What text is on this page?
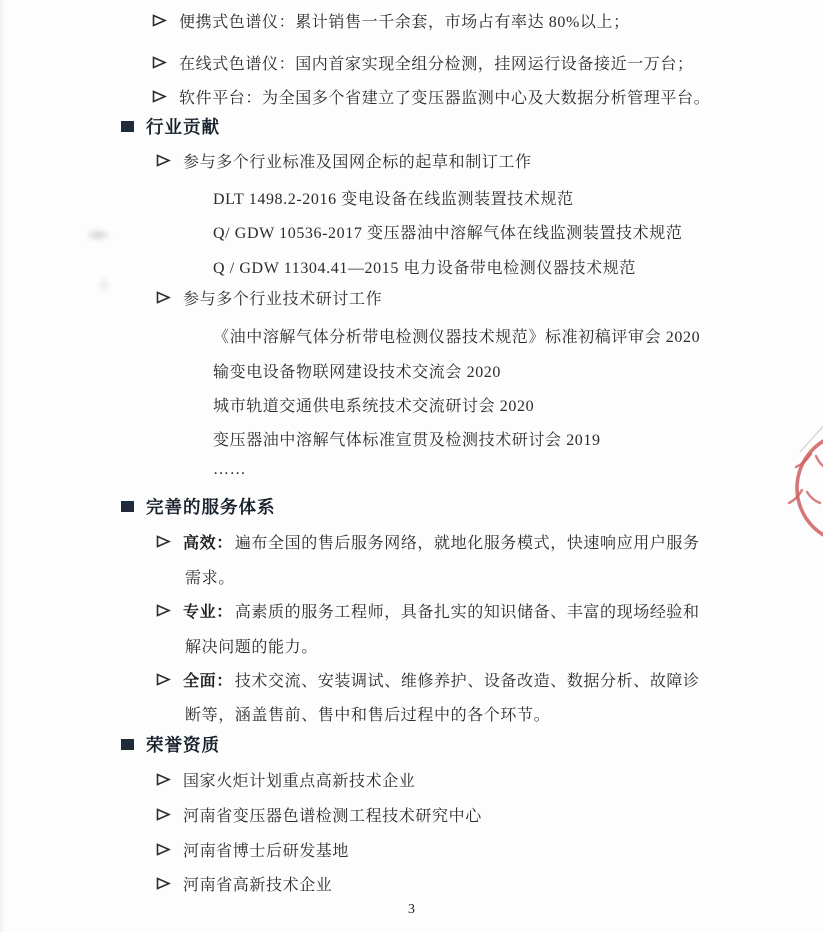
便携式色谱仪：累计销售一千余套，市场占有率达 80%以上；
在线式色谱仪：国内首家实现全组分检测，挂网运行设备接近一万台；
软件平台：为全国多个省建立了变压器监测中心及大数据分析管理平台。
行业贡献
参与多个行业标准及国网企标的起草和制订工作
DLT 1498.2-2016 变电设备在线监测装置技术规范
Q/ GDW 10536-2017 变压器油中溶解气体在线监测装置技术规范
Q / GDW 11304.41—2015 电力设备带电检测仪器技术规范
参与多个行业技术研讨工作
《油中溶解气体分析带电检测仪器技术规范》标准初稿评审会 2020
输变电设备物联网建设技术交流会 2020
城市轨道交通供电系统技术交流研讨会 2020
变压器油中溶解气体标准宣贯及检测技术研讨会 2019
……
完善的服务体系
高效： 遍布全国的售后服务网络，就地化服务模式，快速响应用户服务
需求。
专业： 高素质的服务工程师，具备扎实的知识储备、丰富的现场经验和
解决问题的能力。
全面： 技术交流、安装调试、维修养护、设备改造、数据分析、故障诊
断等，涵盖售前、售中和售后过程中的各个环节。
荣誉资质
国家火炬计划重点高新技术企业
河南省变压器色谱检测工程技术研究中心
河南省博士后研发基地
河南省高新技术企业
3
